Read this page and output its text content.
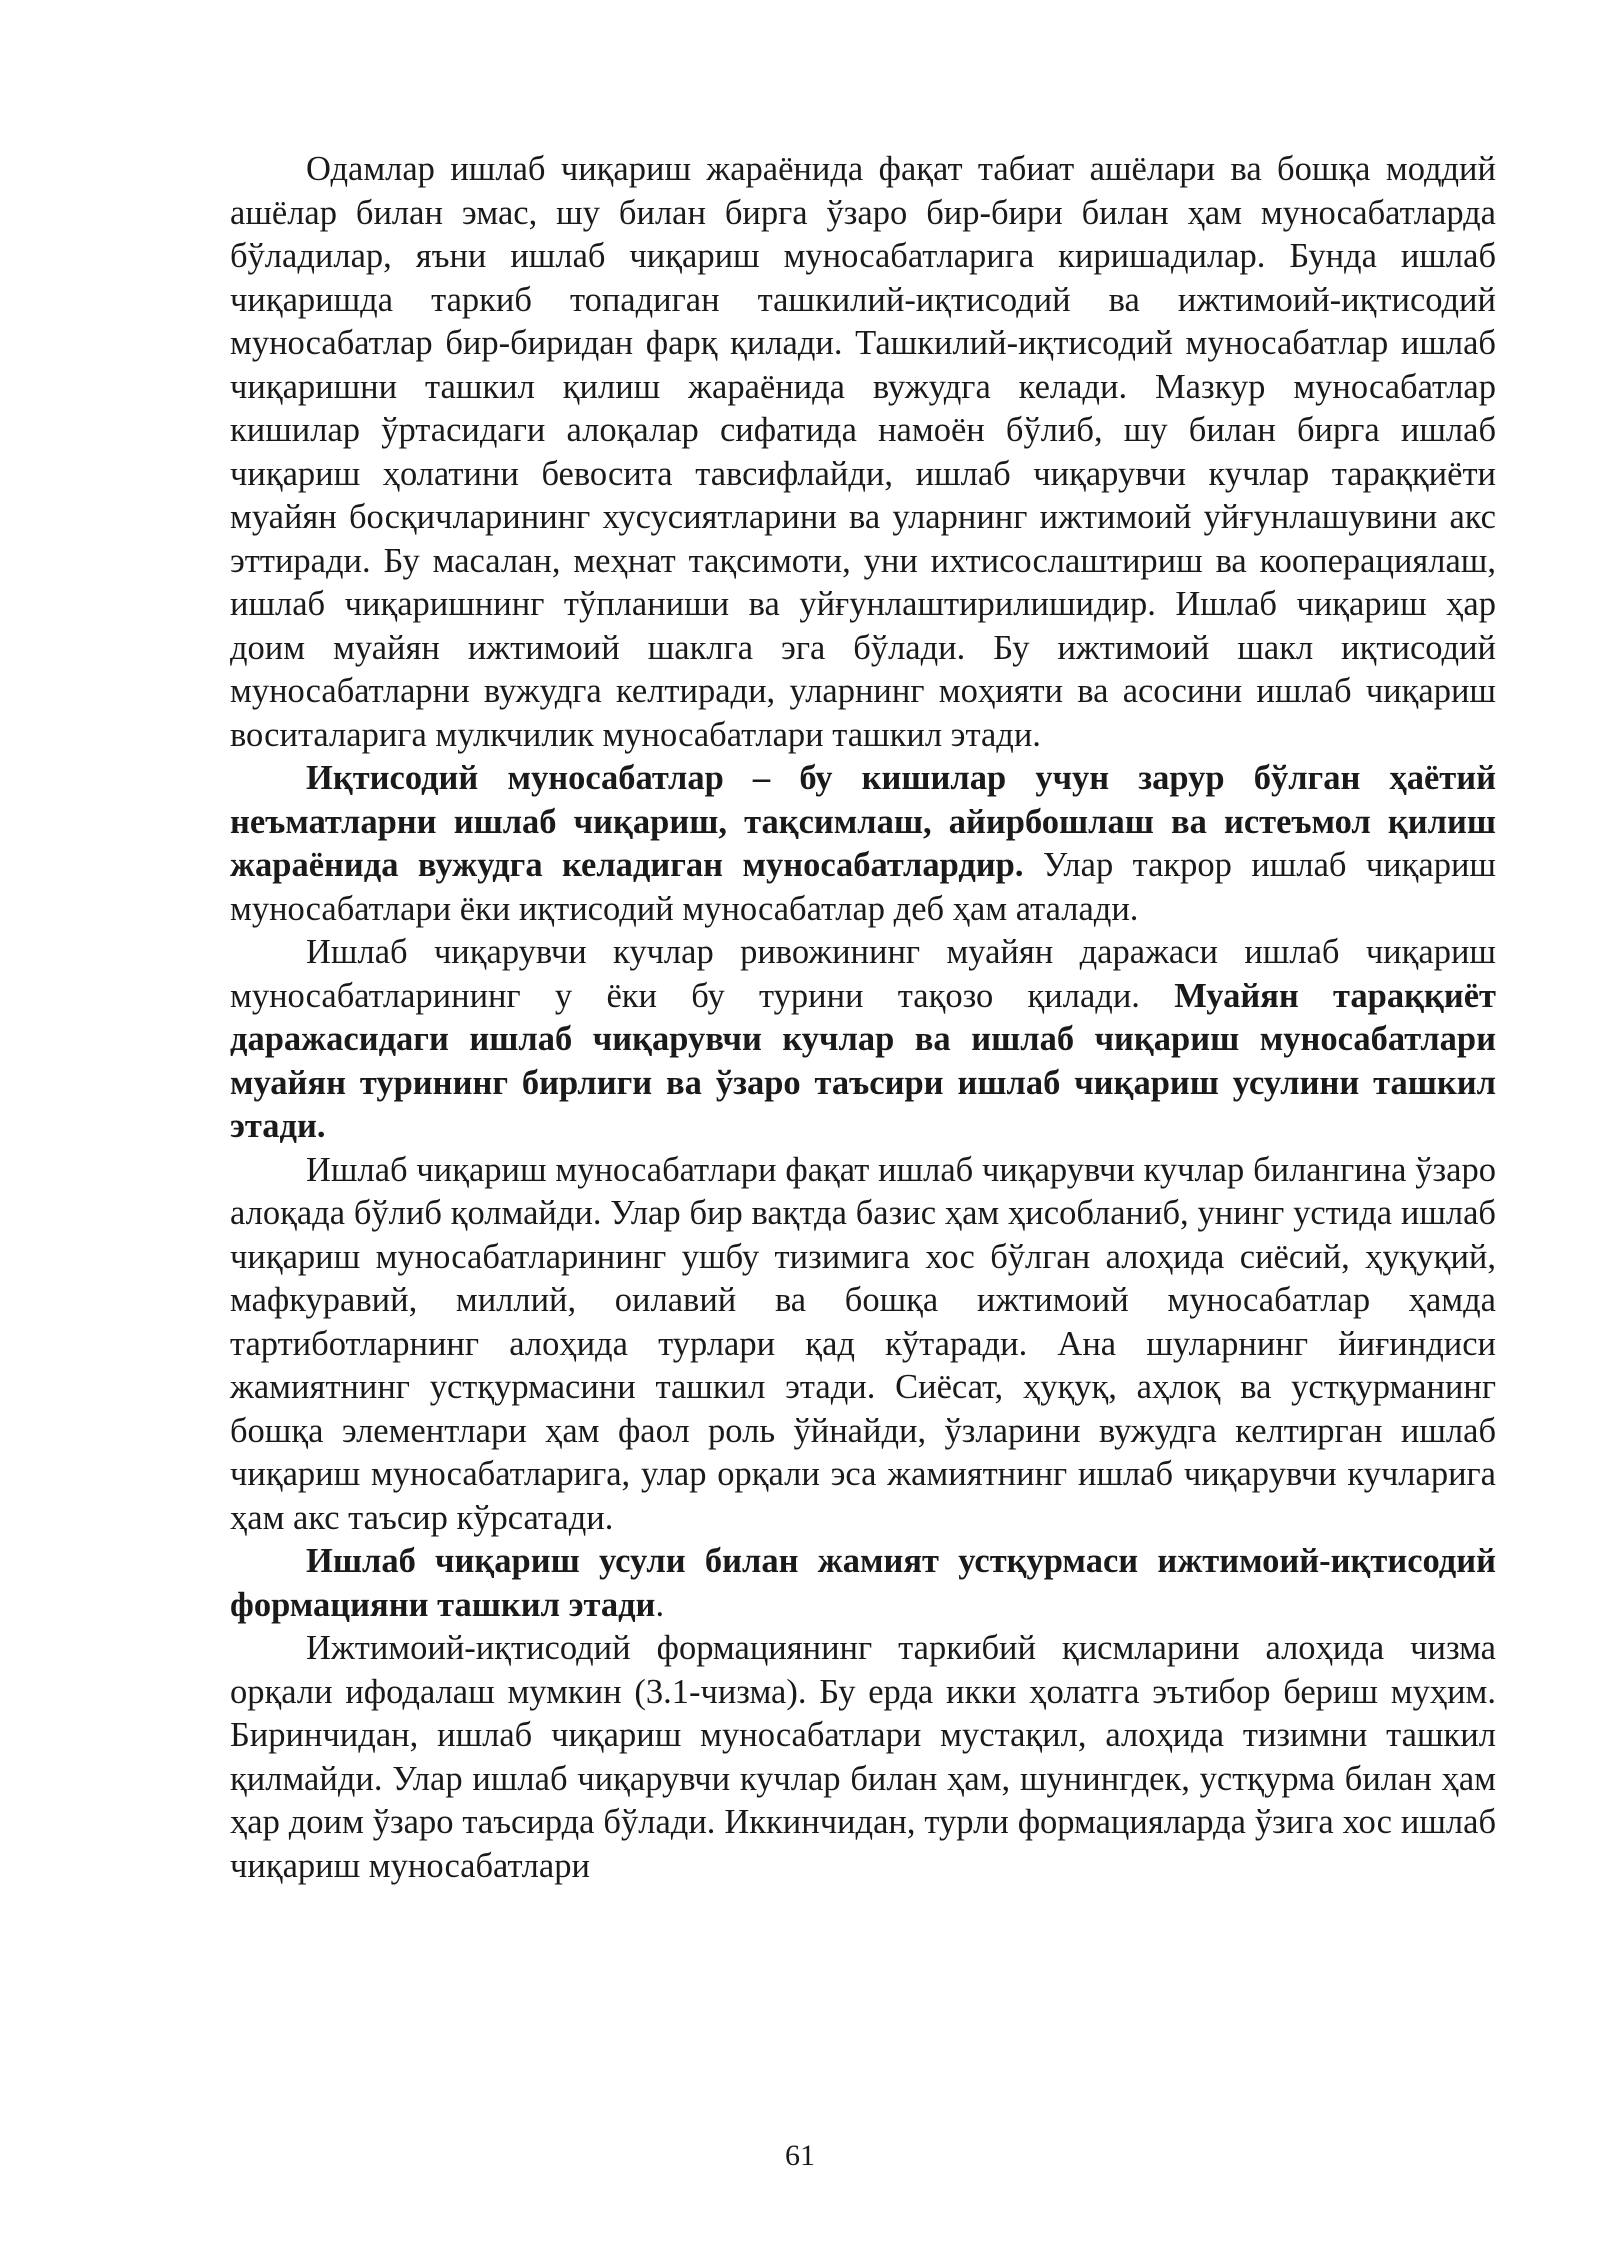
Одамлар ишлаб чиқариш жараёнида фақат табиат ашёлари ва бошқа моддий ашёлар билан эмас, шу билан бирга ўзаро бир-бири билан ҳам муносабатларда бўладилар, яъни ишлаб чиқариш муносабатларига киришадилар. Бунда ишлаб чиқаришда таркиб топадиган ташкилий-иқтисодий ва ижтимоий-иқтисодий муносабатлар бир-биридан фарқ қилади. Ташкилий-иқтисодий муносабатлар ишлаб чиқаришни ташкил қилиш жараёнида вужудга келади. Мазкур муносабатлар кишилар ўртасидаги алоқалар сифатида намоён бўлиб, шу билан бирга ишлаб чиқариш ҳолатини бевосита тавсифлайди, ишлаб чиқарувчи кучлар тараққиёти муайян босқичларининг хусусиятларини ва уларнинг ижтимоий уйғунлашувини акс эттиради. Бу масалан, меҳнат тақсимоти, уни ихтисослаштириш ва кооперациялаш, ишлаб чиқаришнинг тўпланиши ва уйғунлаштирилишидир. Ишлаб чиқариш ҳар доим муайян ижтимоий шаклга эга бўлади. Бу ижтимоий шакл иқтисодий муносабатларни вужудга келтиради, уларнинг моҳияти ва асосини ишлаб чиқариш воситаларига мулкчилик муносабатлари ташкил этади.

Иқтисодий муносабатлар – бу кишилар учун зарур бўлган ҳаётий неъматларни ишлаб чиқариш, тақсимлаш, айирбошлаш ва истеъмол қилиш жараёнида вужудга келадиган муносабатлардир. Улар такрор ишлаб чиқариш муносабатлари ёки иқтисодий муносабатлар деб ҳам аталади.

Ишлаб чиқарувчи кучлар ривожининг муайян даражаси ишлаб чиқариш муносабатларининг у ёки бу турини тақозо қилади. Муайян тараққиёт даражасидаги ишлаб чиқарувчи кучлар ва ишлаб чиқариш муносабатлари муайян турининг бирлиги ва ўзаро таъсири ишлаб чиқариш усулини ташкил этади.

Ишлаб чиқариш муносабатлари фақат ишлаб чиқарувчи кучлар билангина ўзаро алоқада бўлиб қолмайди. Улар бир вақтда базис ҳам ҳисобланиб, унинг устида ишлаб чиқариш муносабатларининг ушбу тизимига хос бўлган алоҳида сиёсий, ҳуқуқий, мафкуравий, миллий, оилавий ва бошқа ижтимоий муносабатлар ҳамда тартиботларнинг алоҳида турлари қад кўтаради. Ана шуларнинг йиғиндиси жамиятнинг устқурмасини ташкил этади. Сиёсат, ҳуқуқ, аҳлоқ ва устқурманинг бошқа элементлари ҳам фаол роль ўйнайди, ўзларини вужудга келтирган ишлаб чиқариш муносабатларига, улар орқали эса жамиятнинг ишлаб чиқарувчи кучларига ҳам акс таъсир кўрсатади.

Ишлаб чиқариш усули билан жамият устқурмаси ижтимоий-иқтисодий формацияни ташкил этади.

Ижтимоий-иқтисодий формациянинг таркибий қисмларини алоҳида чизма орқали ифодалаш мумкин (3.1-чизма). Бу ерда икки ҳолатга эътибор бериш муҳим. Биринчидан, ишлаб чиқариш муносабатлари мустақил, алоҳида тизимни ташкил қилмайди. Улар ишлаб чиқарувчи кучлар билан ҳам, шунингдек, устқурма билан ҳам ҳар доим ўзаро таъсирда бўлади. Иккинчидан, турли формацияларда ўзига хос ишлаб чиқариш муносабатлари

61
